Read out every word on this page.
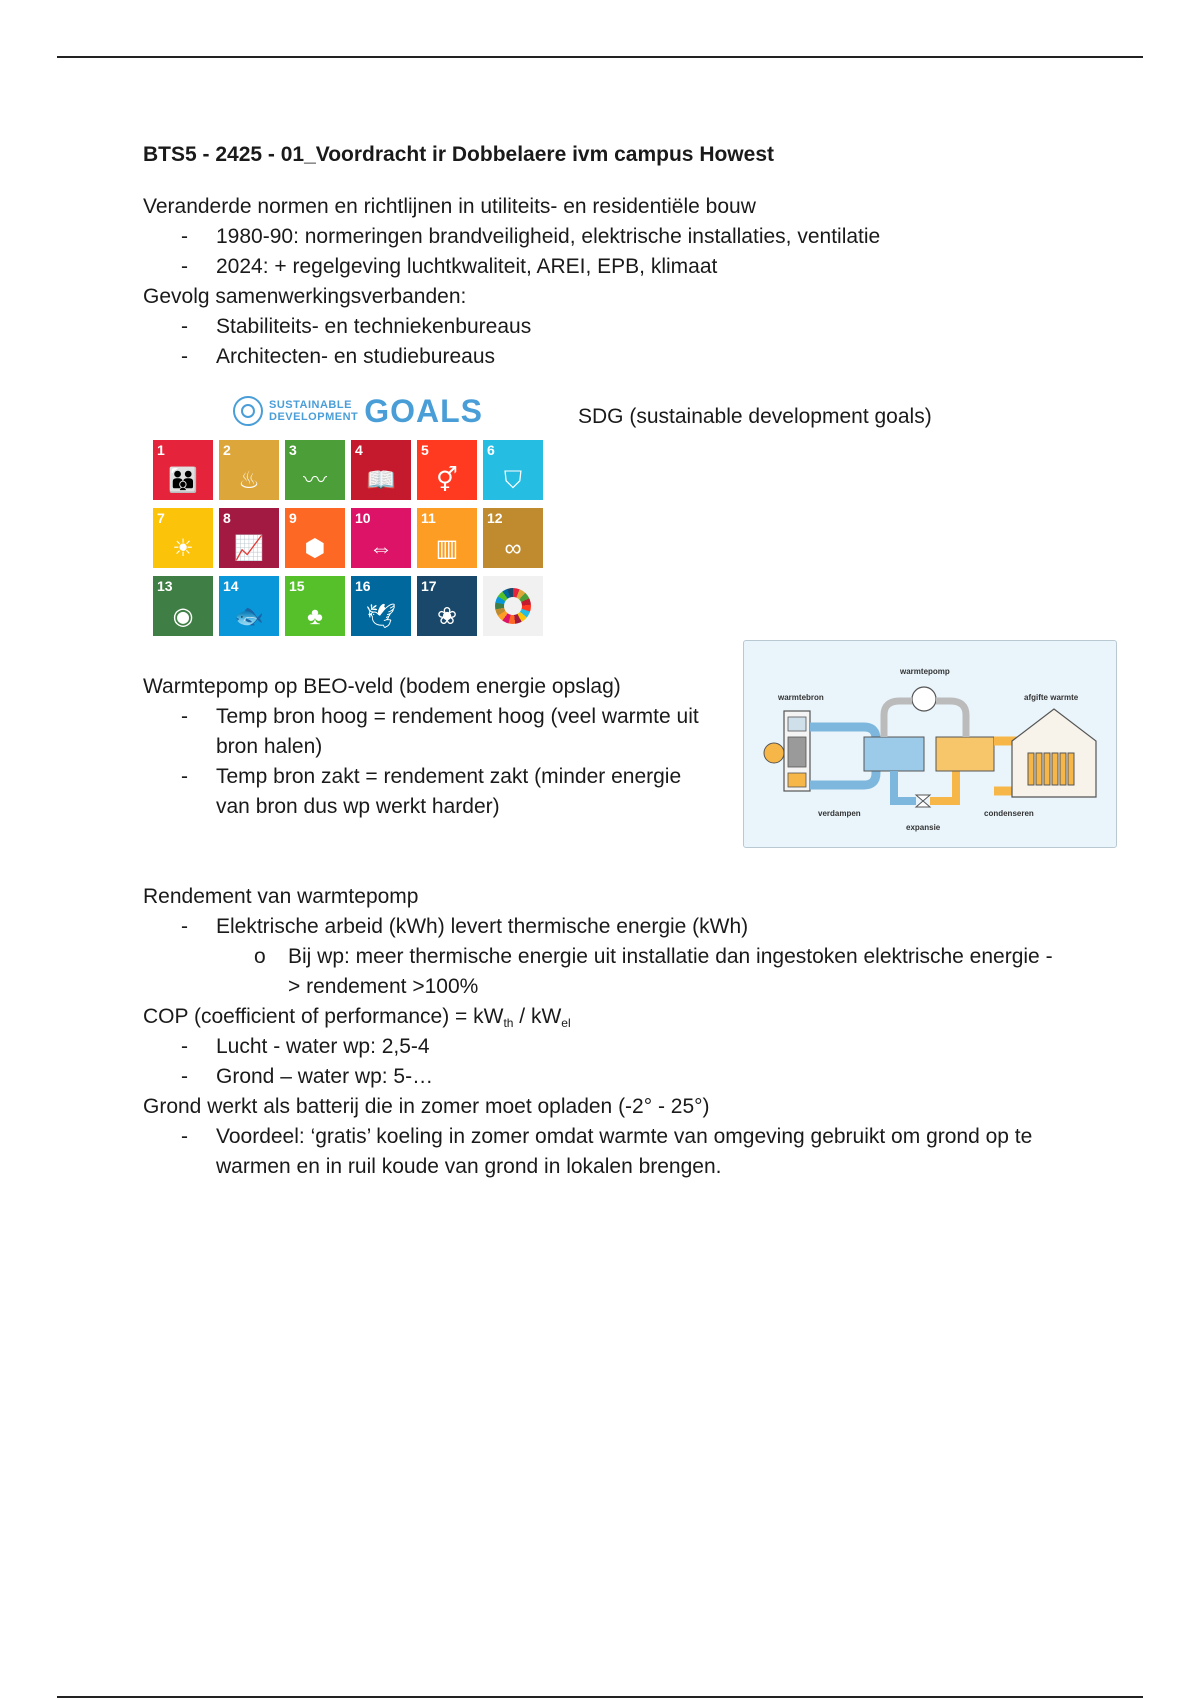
BTS5 - 2425 - 01_Voordracht ir Dobbelaere ivm campus Howest

Veranderde normen en richtlijnen in utiliteits- en residentiële bouw

- 1980-90: normeringen brandveiligheid, elektrische installaties, ventilatie
- 2024: + regelgeving luchtkwaliteit, AREI, EPB, klimaat

Gevolg samenwerkingsverbanden:

- Stabiliteits- en techniekenbureaus
- Architecten- en studiebureaus
SUSTAINABLE
DEVELOPMENT GOALS
1
👪
2
♨
3
〰
4
📖
5
⚥
6
⛉
7
☀
8
📈
9
⬢
10
⇔
11
▥
12
∞
13
◉
14
🐟
15
♣
16
🕊
17
❀
SDG (sustainable development goals)

Warmtepomp op BEO-veld (bodem energie opslag)

- Temp bron hoog = rendement hoog (veel warmte uit bron halen)
- Temp bron zakt = rendement zakt (minder energie van bron dus wp werkt harder)
warmtepomp
warmtebron	afgifte warmte
verdampen
expansie
condenseren

Rendement van warmtepomp

- Elektrische arbeid (kWh) levert thermische energie (kWh)
o Bij wp: meer thermische energie uit installatie dan ingestoken elektrische energie -> rendement >100%

COP (coefficient of performance) = $kW_{th} / kW_{el}$

- Lucht - water wp: 2,5-4
- Grond – water wp: 5-…

Grond werkt als batterij die in zomer moet opladen (-2° - 25°)

- Voordeel: ‘gratis’ koeling in zomer omdat warmte van omgeving gebruikt om grond op te warmen en in ruil koude van grond in lokalen brengen.
